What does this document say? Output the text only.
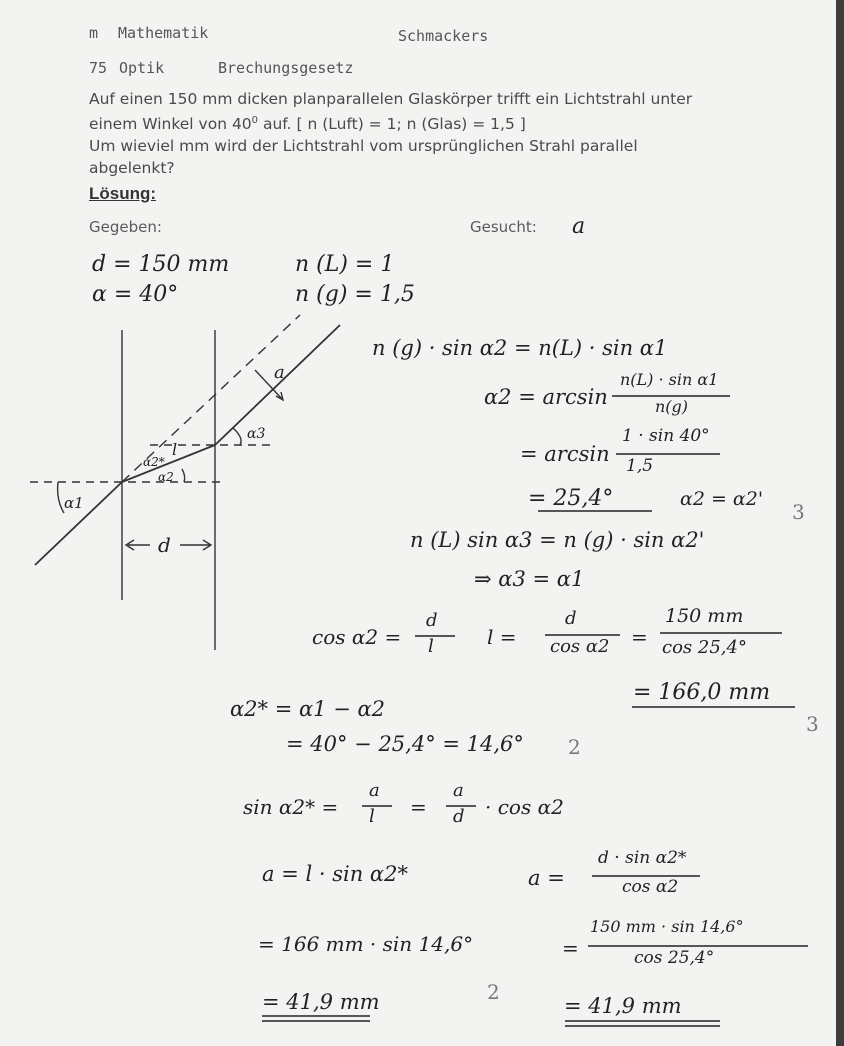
m Mathematik	Schmackers
75 Optik	Brechungsgesetz
Auf einen 150 mm dicken planparallelen Glaskörper trifft ein Lichtstrahl unter
einem Winkel von $40^0$ auf. [ n (Luft) = 1; n (Glas) = 1,5 ]
Um wieviel mm wird der Lichtstrahl vom ursprünglichen Strahl parallel
abgelenkt?
Lösung:
Gegeben:	Gesucht: a
d = 150 mm
α = 40°
n (L) = 1
n (g) = 1,5
a
α3
l
α2*
α2
α1
d
n (g) · sin α2 = n(L) · sin α1
α2 = arcsin
n(L) · sin α1
n(g)
= arcsin
1 · sin 40°
1,5
= 25,4°	α2 = α2'
n (L) sin α3 = n (g) · sin α2'
⇒ α3 = α1
cos α2 =
d
l	l =
d
cos α2 =
150 mm
cos 25,4°
= 166,0 mm
α2* = α1 − α2
= 40° − 25,4° = 14,6°
sin α2* =
a
l =
a
d · cos α2
a = l · sin α2*	a =
d · sin α2*
cos α2
= 166 mm · sin 14,6°	=
150 mm · sin 14,6°
cos 25,4°
= 41,9 mm	= 41,9 mm
3
3
2
2
